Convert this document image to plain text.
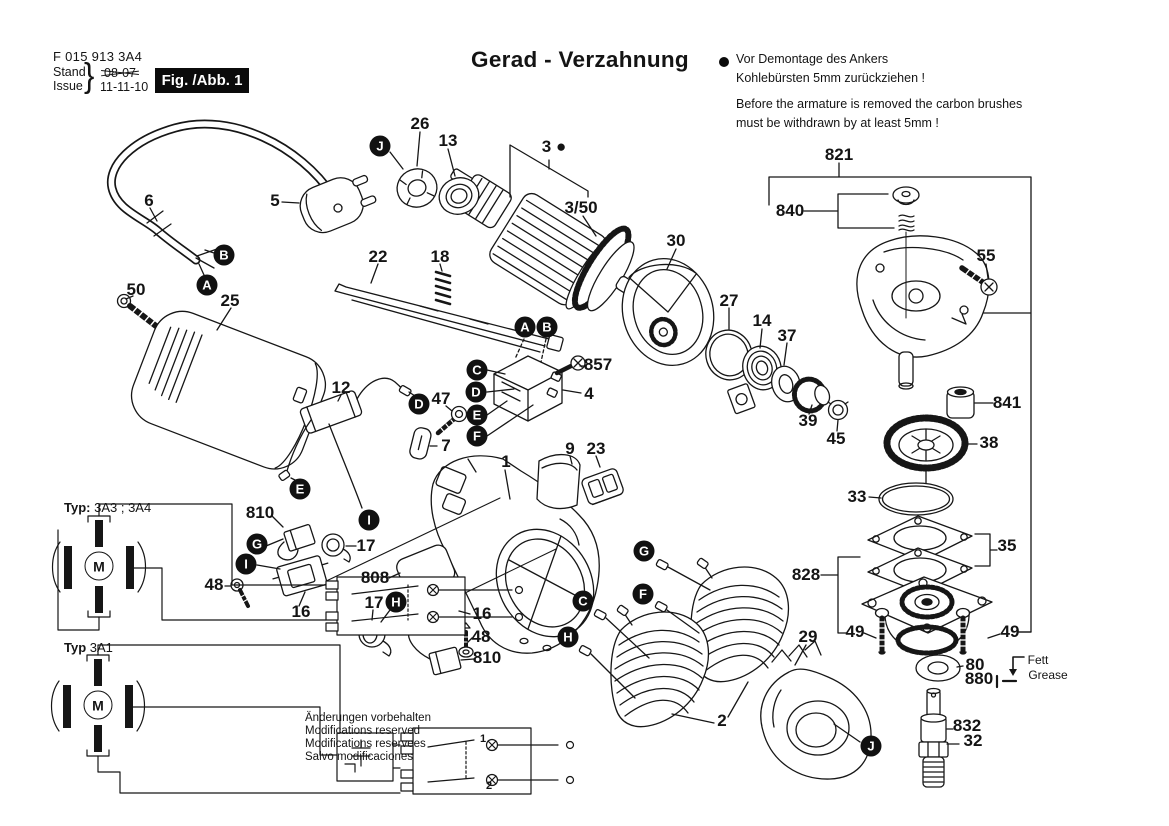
F 015 913 3A4
Stand
Issue } 08-07
11-11-10 Fig. /Abb. 1
Gerad - Verzahnung	Vor Demontage des Ankers
Kohlebürsten 5mm zurückziehen !
Before the armature is removed the carbon brushes
must be withdrawn by at least 5mm !
Typ: 3A3 ; 3A4
Typ 3A1
Änderungen vorbehalten
Modifications reserved
Modifications reservees
Salvo modificaciones
26
13	3 ●
3/50
30
22	18
27
14
37
39
45	38
821
840
55
841
33
35
828
49	49
80
880
832
32
29
9 23
2
1
857
4
47
7
12
5
6
50
25
810
17
48
16
808
17
16
48
810
1
2
Fett
Grease
J
B
A
A B
C
D
E
F
D
E
I
G
I
H
G
F
C
H
J
M
M
